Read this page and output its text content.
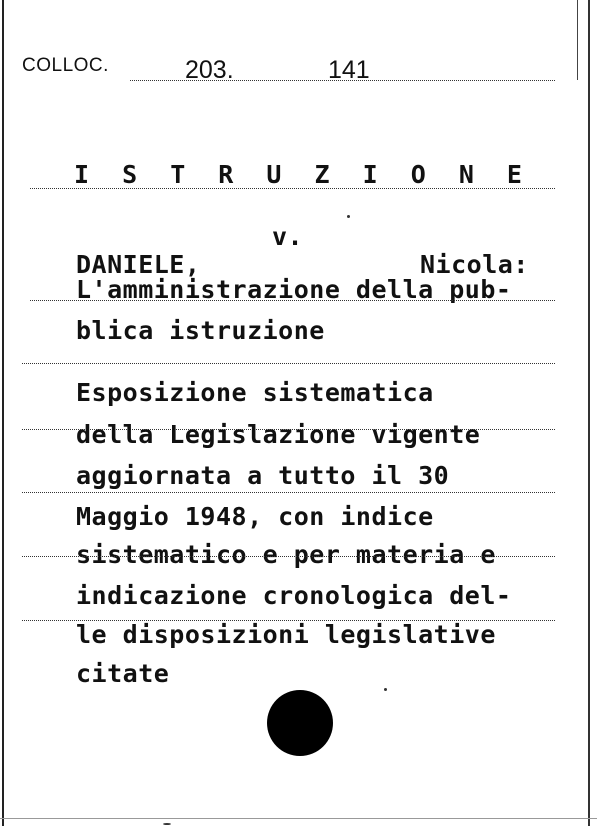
COLLOC.	203.	141
I S T R U Z I O N E
v.
DANIELE,	Nicola:
L'amministrazione della pub-
blica istruzione
Esposizione sistematica
della Legislazione vigente
aggiornata a tutto il 30
Maggio 1948, con indice
sistematico e per materia e
indicazione cronologica del-
le disposizioni legislative
citate
